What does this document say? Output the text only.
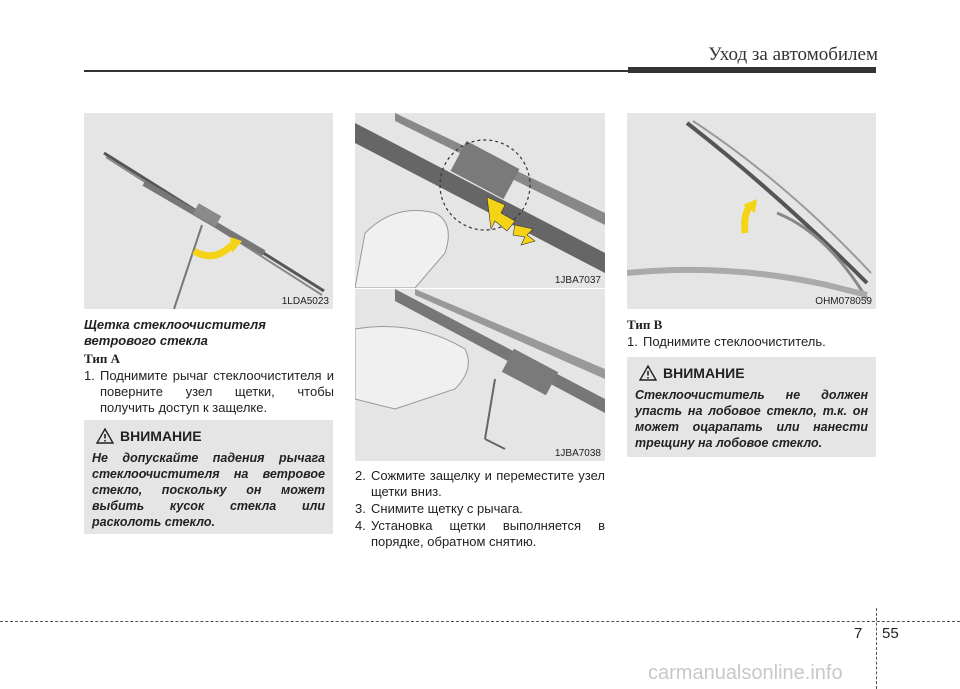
Уход за автомобилем
1LDA5023
1JBA7037
1JBA7038
OHM078059
Щетка стеклоочистителя
ветрового стекла
Тип A
1. Поднимите рычаг стеклоочистителя и поверните узел щетки, чтобы получить доступ к защелке.
ВНИМАНИЕ
Не допускайте падения рычага стеклоочистителя на ветровое стекло, поскольку он может выбить кусок стекла или расколоть стекло.
2. Сожмите защелку и переместите узел щетки вниз.
3. Снимите щетку с рычага.
4. Установка щетки выполняется в порядке, обратном снятию.
Тип B
1. Поднимите стеклоочиститель.
ВНИМАНИЕ
Стеклоочиститель не должен упасть на лобовое стекло, т.к. он может оцарапать или нанести трещину на лобовое стекло.
7 55
carmanualsonline.info
